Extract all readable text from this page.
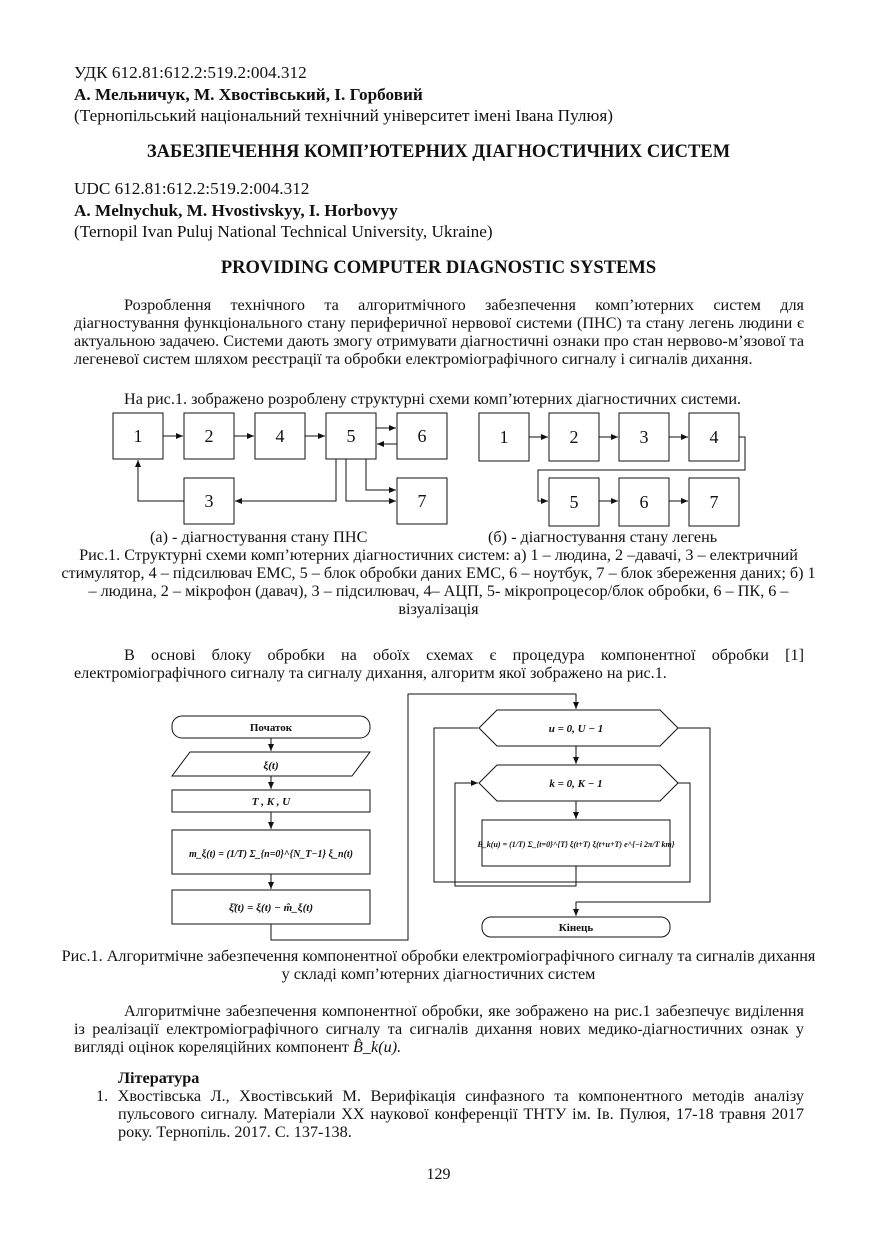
УДК 612.81:612.2:519.2:004.312
А. Мельничук, М. Хвостівський, І. Горбовий
(Тернопільський національний технічний університет імені Івана Пулюя)
ЗАБЕЗПЕЧЕННЯ КОМП’ЮТЕРНИХ ДІАГНОСТИЧНИХ СИСТЕМ
UDC 612.81:612.2:519.2:004.312
A. Melnychuk, M. Hvostivskyy, I. Horbovyy
(Ternopil Ivan Puluj National Technical University, Ukraine)
PROVIDING COMPUTER DIAGNOSTIC SYSTEMS
Розроблення технічного та алгоритмічного забезпечення комп’ютерних систем для діагностування функціонального стану периферичної нервової системи (ПНС) та стану легень людини є актуальною задачею. Системи дають змогу отримувати діагностичні ознаки про стан нервово-м’язової та легеневої систем шляхом реєстрації та обробки електроміографічного сигналу і сигналів дихання.
На рис.1. зображено розроблену структурні схеми комп’ютерних діагностичних системи.
1	2	4	5	6
3	7
1	2	3	4
5	6	7
(а) - діагностування стану ПНС	(б) - діагностування стану легень
Рис.1. Структурні схеми комп’ютерних діагностичних систем: а) 1 – людина, 2 –давачі, 3 – електричний стимулятор, 4 – підсилювач ЕМС, 5 – блок обробки даних ЕМС, 6 – ноутбук, 7 – блок збереження даних; б) 1 – людина, 2 – мікрофон (давач), 3 – підсилювач, 4– АЦП, 5- мікропроцесор/блок обробки, 6 – ПК, 6 – візуалізація
В основі блоку обробки на обоїх схемах є процедура компонентної обробки [1] електроміографічного сигналу та сигналу дихання, алгоритм якої зображено на рис.1.
Початок
ξ(t)
T , K , U
m_ξ(t) = (1/T) Σ_{n=0}^{N_T−1} ξ_n(t)
ξ̊(t) = ξ(t) − m̂_ξ(t)
u = 0, U − 1
k = 0, K − 1
B_k(u) = (1/T) Σ_{t=0}^{T} ξ(t+T) ξ(t+u+T) e^{−i 2π/T km}
Кінець
Рис.1. Алгоритмічне забезпечення компонентної обробки електроміографічного сигналу та сигналів дихання у складі комп’ютерних діагностичних систем
Алгоритмічне забезпечення компонентної обробки, яке зображено на рис.1 забезпечує виділення із реалізації електроміографічного сигналу та сигналів дихання нових медико-діагностичних ознак у вигляді оцінок кореляційних компонент B̂_k(u).
Література
1. Хвостівська Л., Хвостівський М. Верифікація синфазного та компонентного методів аналізу пульсового сигналу. Матеріали XX наукової конференції ТНТУ ім. Ів. Пулюя, 17-18 травня 2017 року. Тернопіль. 2017. С. 137-138.
129
